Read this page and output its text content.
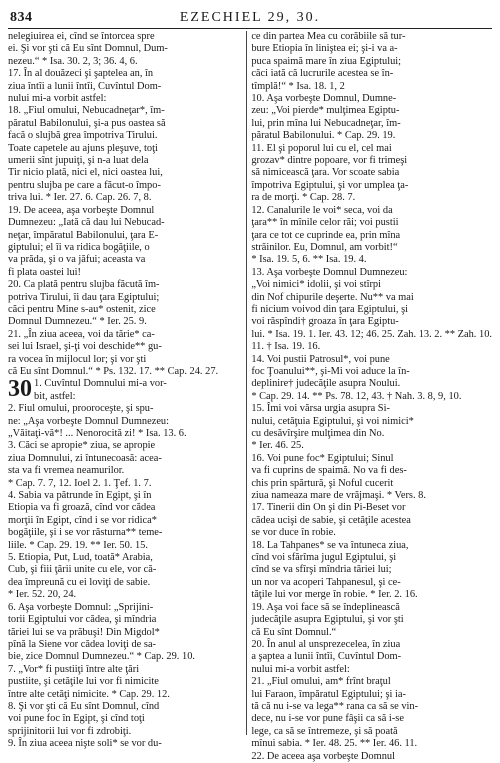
834	EZECHIEL 29, 30.
nelegiuirea ei, cînd se întorcea spre
ei. Şi vor şti că Eu sînt Domnul, Dum-
nezeu.“ * Isa. 30. 2, 3; 36. 4, 6.
17. În al douăzeci şi şaptelea an, în
ziua întîi a lunii întîi, Cuvîntul Dom-
nului mi-a vorbit astfel:
18. „Fiul omului, Nebucadneţar*, îm-
păratul Babilonului, şi-a pus oastea să
facă o slujbă grea împotriva Tirului.
Toate capetele au ajuns pleşuve, toţi
umerii sînt jupuiţi, şi n-a luat dela
Tir nicio plată, nici el, nici oastea lui,
pentru slujba pe care a făcut-o împo-
triva lui. * Ier. 27. 6. Cap. 26. 7, 8.
19. De aceea, aşa vorbeşte Domnul
Dumnezeu: „Iată că dau lui Nebucad-
neţar, împăratul Babilonului, ţara E-
giptului; el îi va ridica bogăţiile, o
va prăda, şi o va jăfui; aceasta va
fi plata oastei lui!
20. Ca plată pentru slujba făcută îm-
potriva Tirului, îi dau ţara Egiptului;
căci pentru Mine s-au* ostenit, zice
Domnul Dumnezeu.“ * Ier. 25. 9.
21. „În ziua aceea, voi da tărie* ca-
sei lui Israel, şi-ţi voi deschide** gu-
ra vocea în mijlocul lor; şi vor şti
că Eu sînt Domnul.“ * Ps. 132. 17. ** Cap. 24. 27.
30 1. Cuvîntul Domnului mi-a vor-
bit, astfel:
2. Fiul omului, prooroceşte, şi spu-
ne: „Aşa vorbeşte Domnul Dumnezeu:
„Văitaţi-vă*! ... Nenorocită zi! * Isa. 13. 6.
3. Căci se apropie* ziua, se apropie
ziua Domnului, zi întunecoasă: acea-
sta va fi vremea neamurilor.
* Cap. 7. 7, 12. Ioel 2. 1. Ţef. 1. 7.
4. Sabia va pătrunde în Egipt, şi în
Etiopia va fi groază, cînd vor cădea
morţii în Egipt, cînd i se vor ridica*
bogăţiile, şi i se vor răsturna** teme-
liile. * Cap. 29. 19. ** Ier. 50. 15.
5. Etiopia, Put, Lud, toată* Arabia,
Cub, şi fiii ţării unite cu ele, vor că-
dea împreună cu ei loviţi de sabie.
* Ier. 52. 20, 24.
6. Aşa vorbeşte Domnul: „Sprijini-
torii Egiptului vor cădea, şi mîndria
tăriei lui se va prăbuşi! Din Migdol*
pînă la Siene vor cădea loviţi de sa-
bie, zice Domnul Dumnezeu.“ * Cap. 29. 10.
7. „Vor* fi pustiiţi între alte ţări
pustiite, şi cetăţile lui vor fi nimicite
între alte cetăţi nimicite. * Cap. 29. 12.
8. Şi vor şti că Eu sînt Domnul, cînd
voi pune foc în Egipt, şi cînd toţi
sprijinitorii lui vor fi zdrobiţi.
9. În ziua aceea nişte soli* se vor du-
ce din partea Mea cu corăbiile să tur-
bure Etiopia în liniştea ei; şi-i va a-
puca spaimă mare în ziua Egiptului;
căci iată că lucrurile acestea se în-
tîmplă!“ * Isa. 18. 1, 2
10. Aşa vorbeşte Domnul, Dumne-
zeu: „Voi pierde* mulţimea Egiptu-
lui, prin mîna lui Nebucadneţar, îm-
păratul Babilonului. * Cap. 29. 19.
11. El şi poporul lui cu el, cel mai
grozav* dintre popoare, vor fi trimeşi
să nimicească ţara. Vor scoate sabia
împotriva Egiptului, şi vor umplea ţa-
ra de morţi. * Cap. 28. 7.
12. Canalurile le voi* seca, voi da
ţara** în mînile celor răi; voi pustii
ţara ce tot ce cuprinde ea, prin mîna
străinilor. Eu, Domnul, am vorbit!“
* Isa. 19. 5, 6. ** Isa. 19. 4.
13. Aşa vorbeşte Domnul Dumnezeu:
„Voi nimici* idolii, şi voi stîrpi
din Nof chipurile deşerte. Nu** va mai
fi nicium voivod din ţara Egiptului, şi
voi răspîndi† groaza în ţara Egiptu-
lui. * Isa. 19. 1. Ier. 43. 12; 46. 25. Zah. 13. 2. ** Zah. 10.
11. † Isa. 19. 16.
14. Voi pustii Patrosul*, voi pune
foc Ţoanului**, şi-Mi voi aduce la în-
deplinire† judecăţile asupra Noului.
* Cap. 29. 14. ** Ps. 78. 12, 43. † Nah. 3. 8, 9, 10.
15. Îmi voi vărsa urgia asupra Si-
nului, cetăţuia Egiptului, şi voi nimici*
cu desăvîrşire mulţimea din No.
* Ier. 46. 25.
16. Voi pune foc* Egiptului; Sinul
va fi cuprins de spaimă. No va fi des-
chis prin spărtură, şi Noful cucerit
ziua nameaza mare de vrăjmaşi. * Vers. 8.
17. Tinerii din On şi din Pi-Beset vor
cădea ucişi de sabie, şi cetăţile acestea
se vor duce în robie.
18. La Tahpanes* se va întuneca ziua,
cînd voi sfărîma jugul Egiptului, şi
cînd se va sfîrşi mîndria tăriei lui;
un nor va acoperi Tahpanesul, şi ce-
tăţile lui vor merge în robie. * Ier. 2. 16.
19. Aşa voi face să se îndeplinească
judecăţile asupra Egiptului, şi vor şti
că Eu sînt Domnul.“
20. În anul al unsprezecelea, în ziua
a şaptea a lunii întîi, Cuvîntul Dom-
nului mi-a vorbit astfel:
21. „Fiul omului, am* frînt braţul
lui Faraon, împăratul Egiptului; şi ia-
tă că nu i-se va lega** rana ca să se vin-
dece, nu i-se vor pune fâşii ca să i-se
lege, ca să se întremeze, şi să poată
mînui sabia. * Ier. 48. 25. ** Ier. 46. 11.
22. De aceea aşa vorbeşte Domnul
